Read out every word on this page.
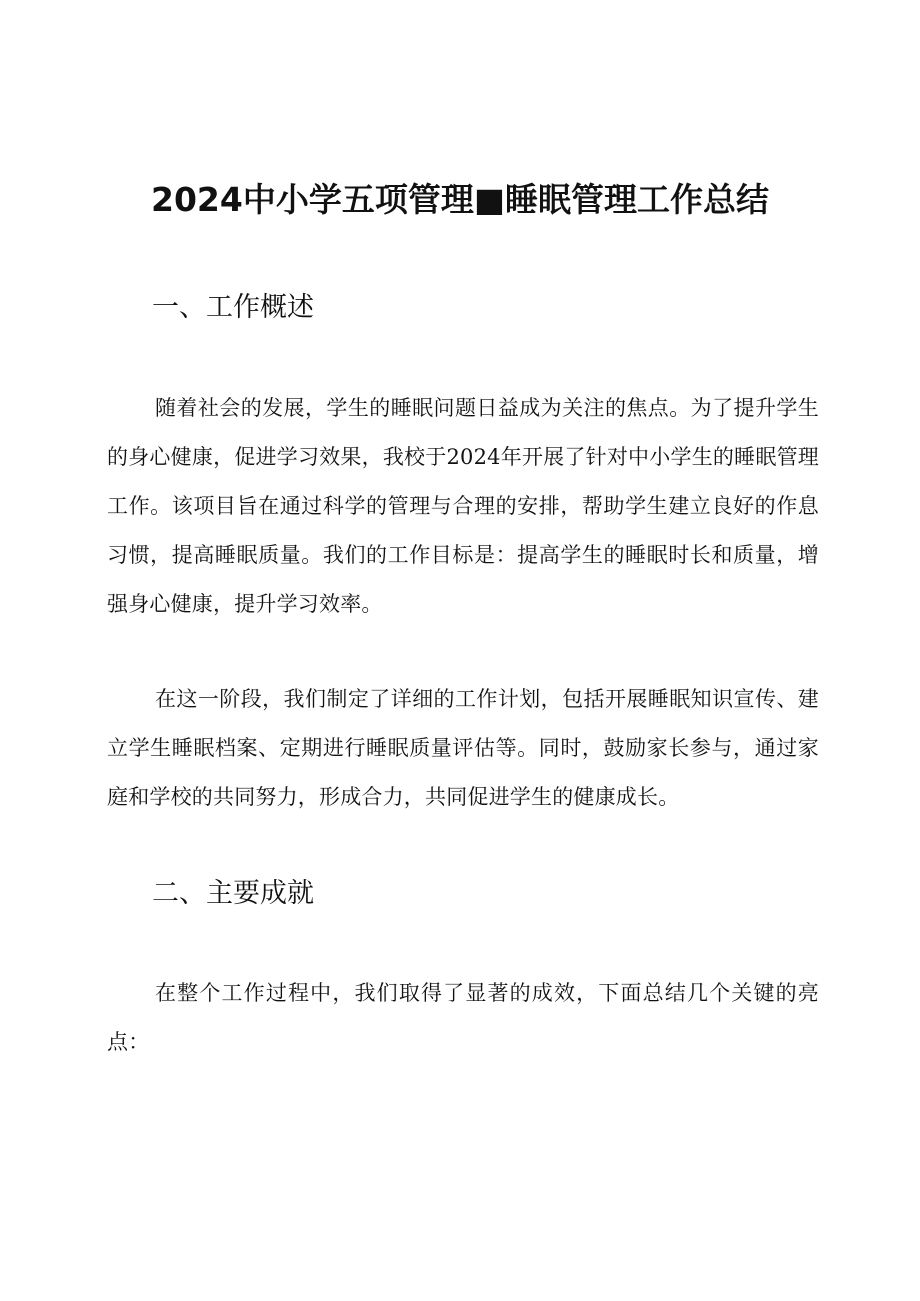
2024中小学五项管理■睡眠管理工作总结
一、工作概述

随着社会的发展，学生的睡眠问题日益成为关注的焦点。为了提升学生的身心健康，促进学习效果，我校于2024年开展了针对中小学生的睡眠管理工作。该项目旨在通过科学的管理与合理的安排，帮助学生建立良好的作息习惯，提高睡眠质量。我们的工作目标是：提高学生的睡眠时长和质量，增强身心健康，提升学习效率。

在这一阶段，我们制定了详细的工作计划，包括开展睡眠知识宣传、建立学生睡眠档案、定期进行睡眠质量评估等。同时，鼓励家长参与，通过家庭和学校的共同努力，形成合力，共同促进学生的健康成长。

二、主要成就

在整个工作过程中，我们取得了显著的成效，下面总结几个关键的亮点：
